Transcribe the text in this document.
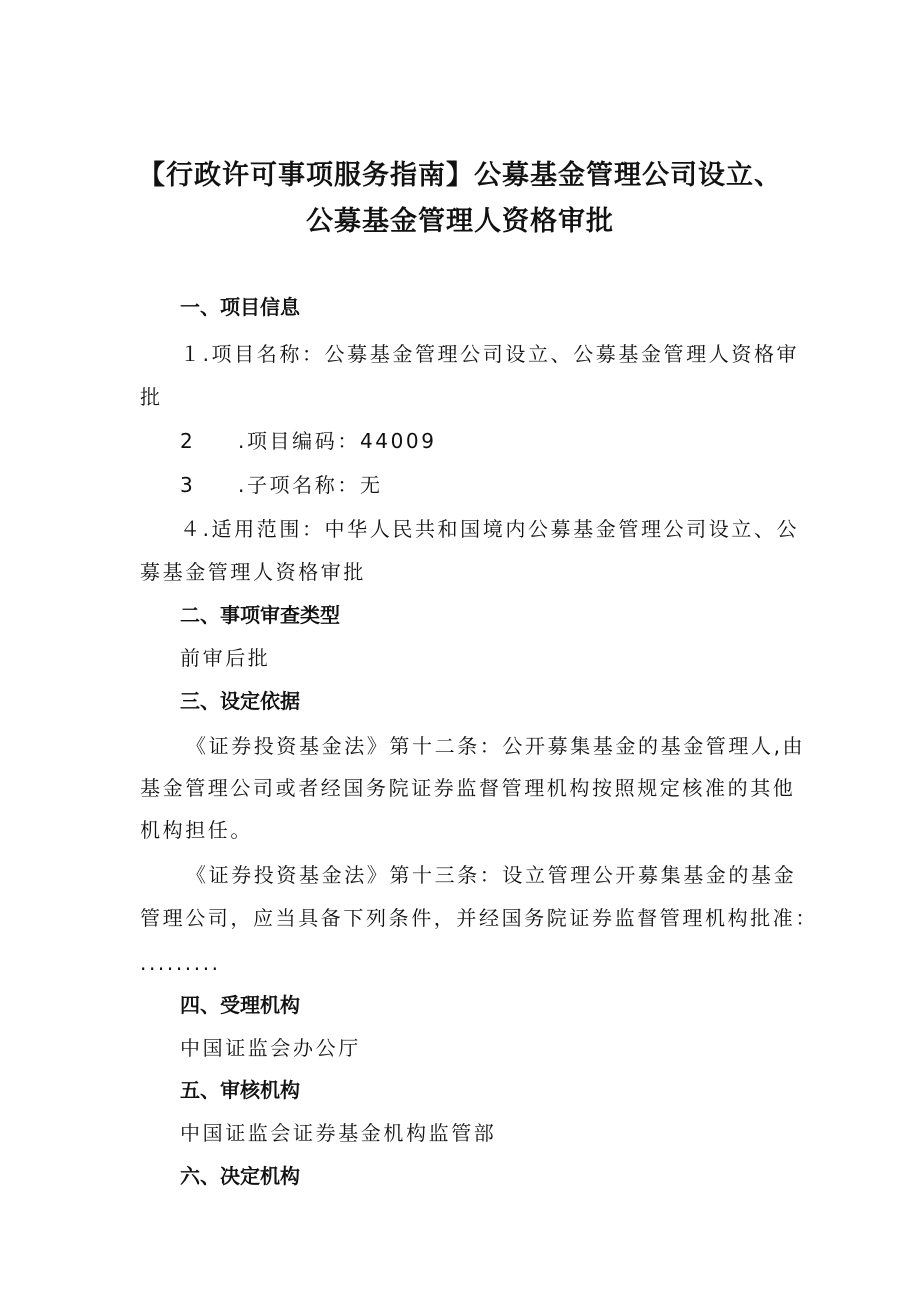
【行政许可事项服务指南】公募基金管理公司设立、
公募基金管理人资格审批
一、项目信息
１.项目名称：公募基金管理公司设立、公募基金管理人资格审
批
2 .项目编码：44009
3 .子项名称：无
４.适用范围：中华人民共和国境内公募基金管理公司设立、公
募基金管理人资格审批
二、事项审查类型
前审后批
三、设定依据
《证券投资基金法》第十二条：公开募集基金的基金管理人,由
基金管理公司或者经国务院证券监督管理机构按照规定核准的其他
机构担任。
《证券投资基金法》第十三条：设立管理公开募集基金的基金
管理公司，应当具备下列条件，并经国务院证券监督管理机构批准：
.........
四、受理机构
中国证监会办公厅
五、审核机构
中国证监会证券基金机构监管部
六、决定机构
